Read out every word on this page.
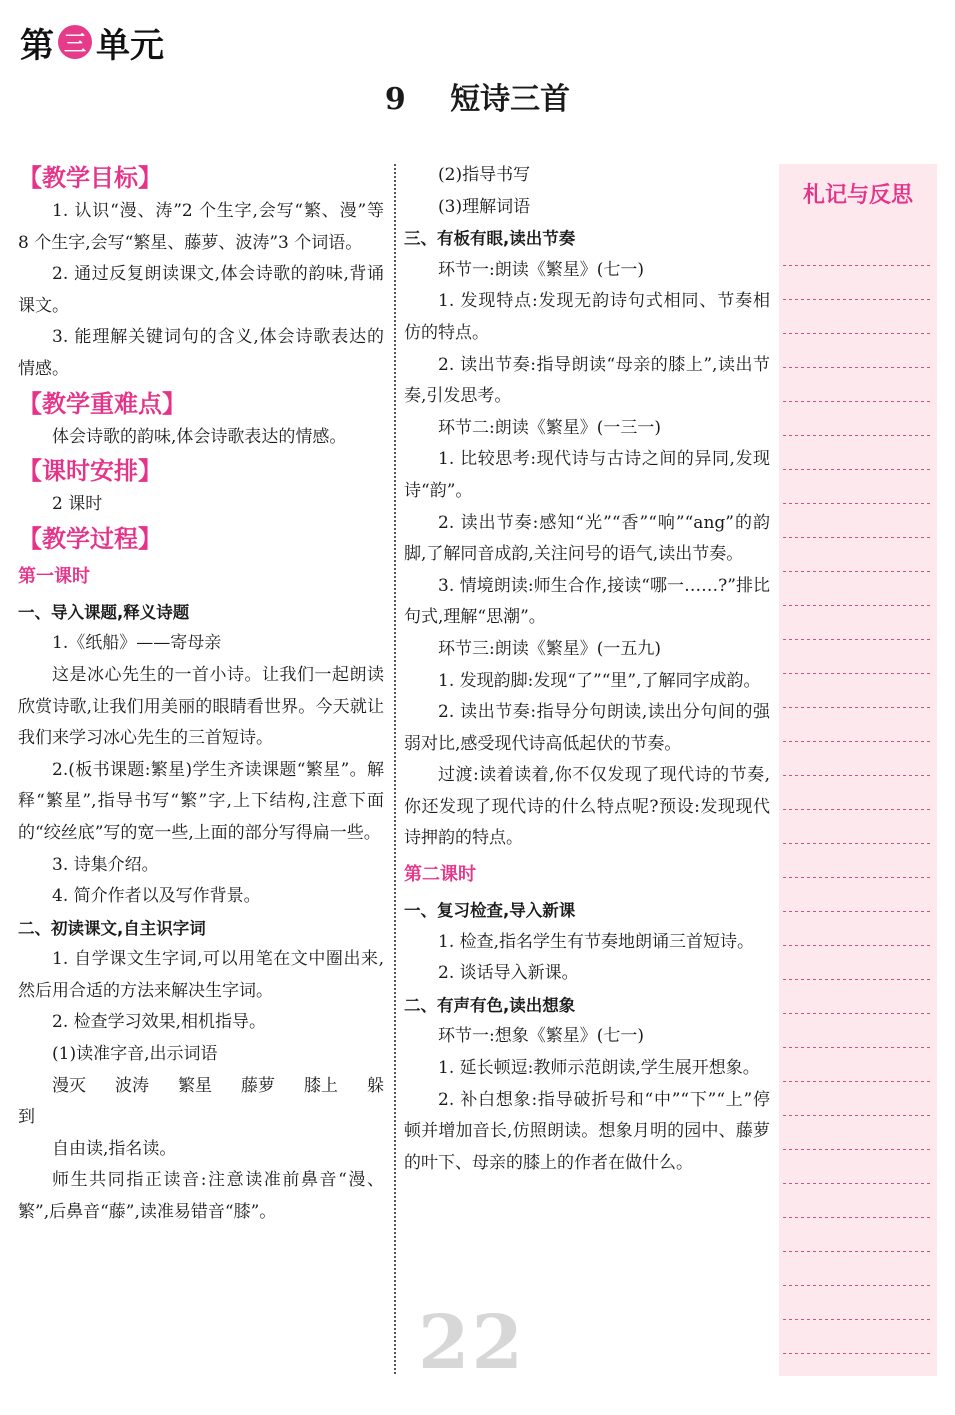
第 三 单元
9 短诗三首

【教学目标】

1. 认识“漫、涛”2 个生字,会写“繁、漫”等 8 个生字,会写“繁星、藤萝、波涛”3 个词语。

2. 通过反复朗读课文,体会诗歌的韵味,背诵课文。

3. 能理解关键词句的含义,体会诗歌表达的情感。

【教学重难点】

体会诗歌的韵味,体会诗歌表达的情感。

【课时安排】

2 课时

【教学过程】

第一课时

一、导入课题,释义诗题

1.《纸船》——寄母亲

这是冰心先生的一首小诗。让我们一起朗读欣赏诗歌,让我们用美丽的眼睛看世界。今天就让我们来学习冰心先生的三首短诗。

2.(板书课题:繁星)学生齐读课题“繁星”。解释“繁星”,指导书写“繁”字,上下结构,注意下面的“绞丝底”写的宽一些,上面的部分写得扁一些。

3. 诗集介绍。

4. 简介作者以及写作背景。

二、初读课文,自主识字词

1. 自学课文生字词,可以用笔在文中圈出来,然后用合适的方法来解决生字词。

2. 检查学习效果,相机指导。

(1)读准字音,出示词语

漫灭 波涛 繁星 藤萝 膝上 躲

到

自由读,指名读。

师生共同指正读音:注意读准前鼻音“漫、繁”,后鼻音“藤”,读准易错音“膝”。

(2)指导书写

(3)理解词语

三、有板有眼,读出节奏

环节一:朗读《繁星》(七一)

1. 发现特点:发现无韵诗句式相同、节奏相仿的特点。

2. 读出节奏:指导朗读“母亲的膝上”,读出节奏,引发思考。

环节二:朗读《繁星》(一三一)

1. 比较思考:现代诗与古诗之间的异同,发现诗“韵”。

2. 读出节奏:感知“光”“香”“响”“ang”的韵脚,了解同音成韵,关注问号的语气,读出节奏。

3. 情境朗读:师生合作,接读“哪一……?”排比句式,理解“思潮”。

环节三:朗读《繁星》(一五九)

1. 发现韵脚:发现“了”“里”,了解同字成韵。

2. 读出节奏:指导分句朗读,读出分句间的强弱对比,感受现代诗高低起伏的节奏。

过渡:读着读着,你不仅发现了现代诗的节奏,你还发现了现代诗的什么特点呢?预设:发现现代诗押韵的特点。

第二课时

一、复习检查,导入新课

1. 检查,指名学生有节奏地朗诵三首短诗。

2. 谈话导入新课。

二、有声有色,读出想象

环节一:想象《繁星》(七一)

1. 延长顿逗:教师示范朗读,学生展开想象。

2. 补白想象:指导破折号和“中”“下”“上”停顿并增加音长,仿照朗读。想象月明的园中、藤萝的叶下、母亲的膝上的作者在做什么。

札记与反思

22
